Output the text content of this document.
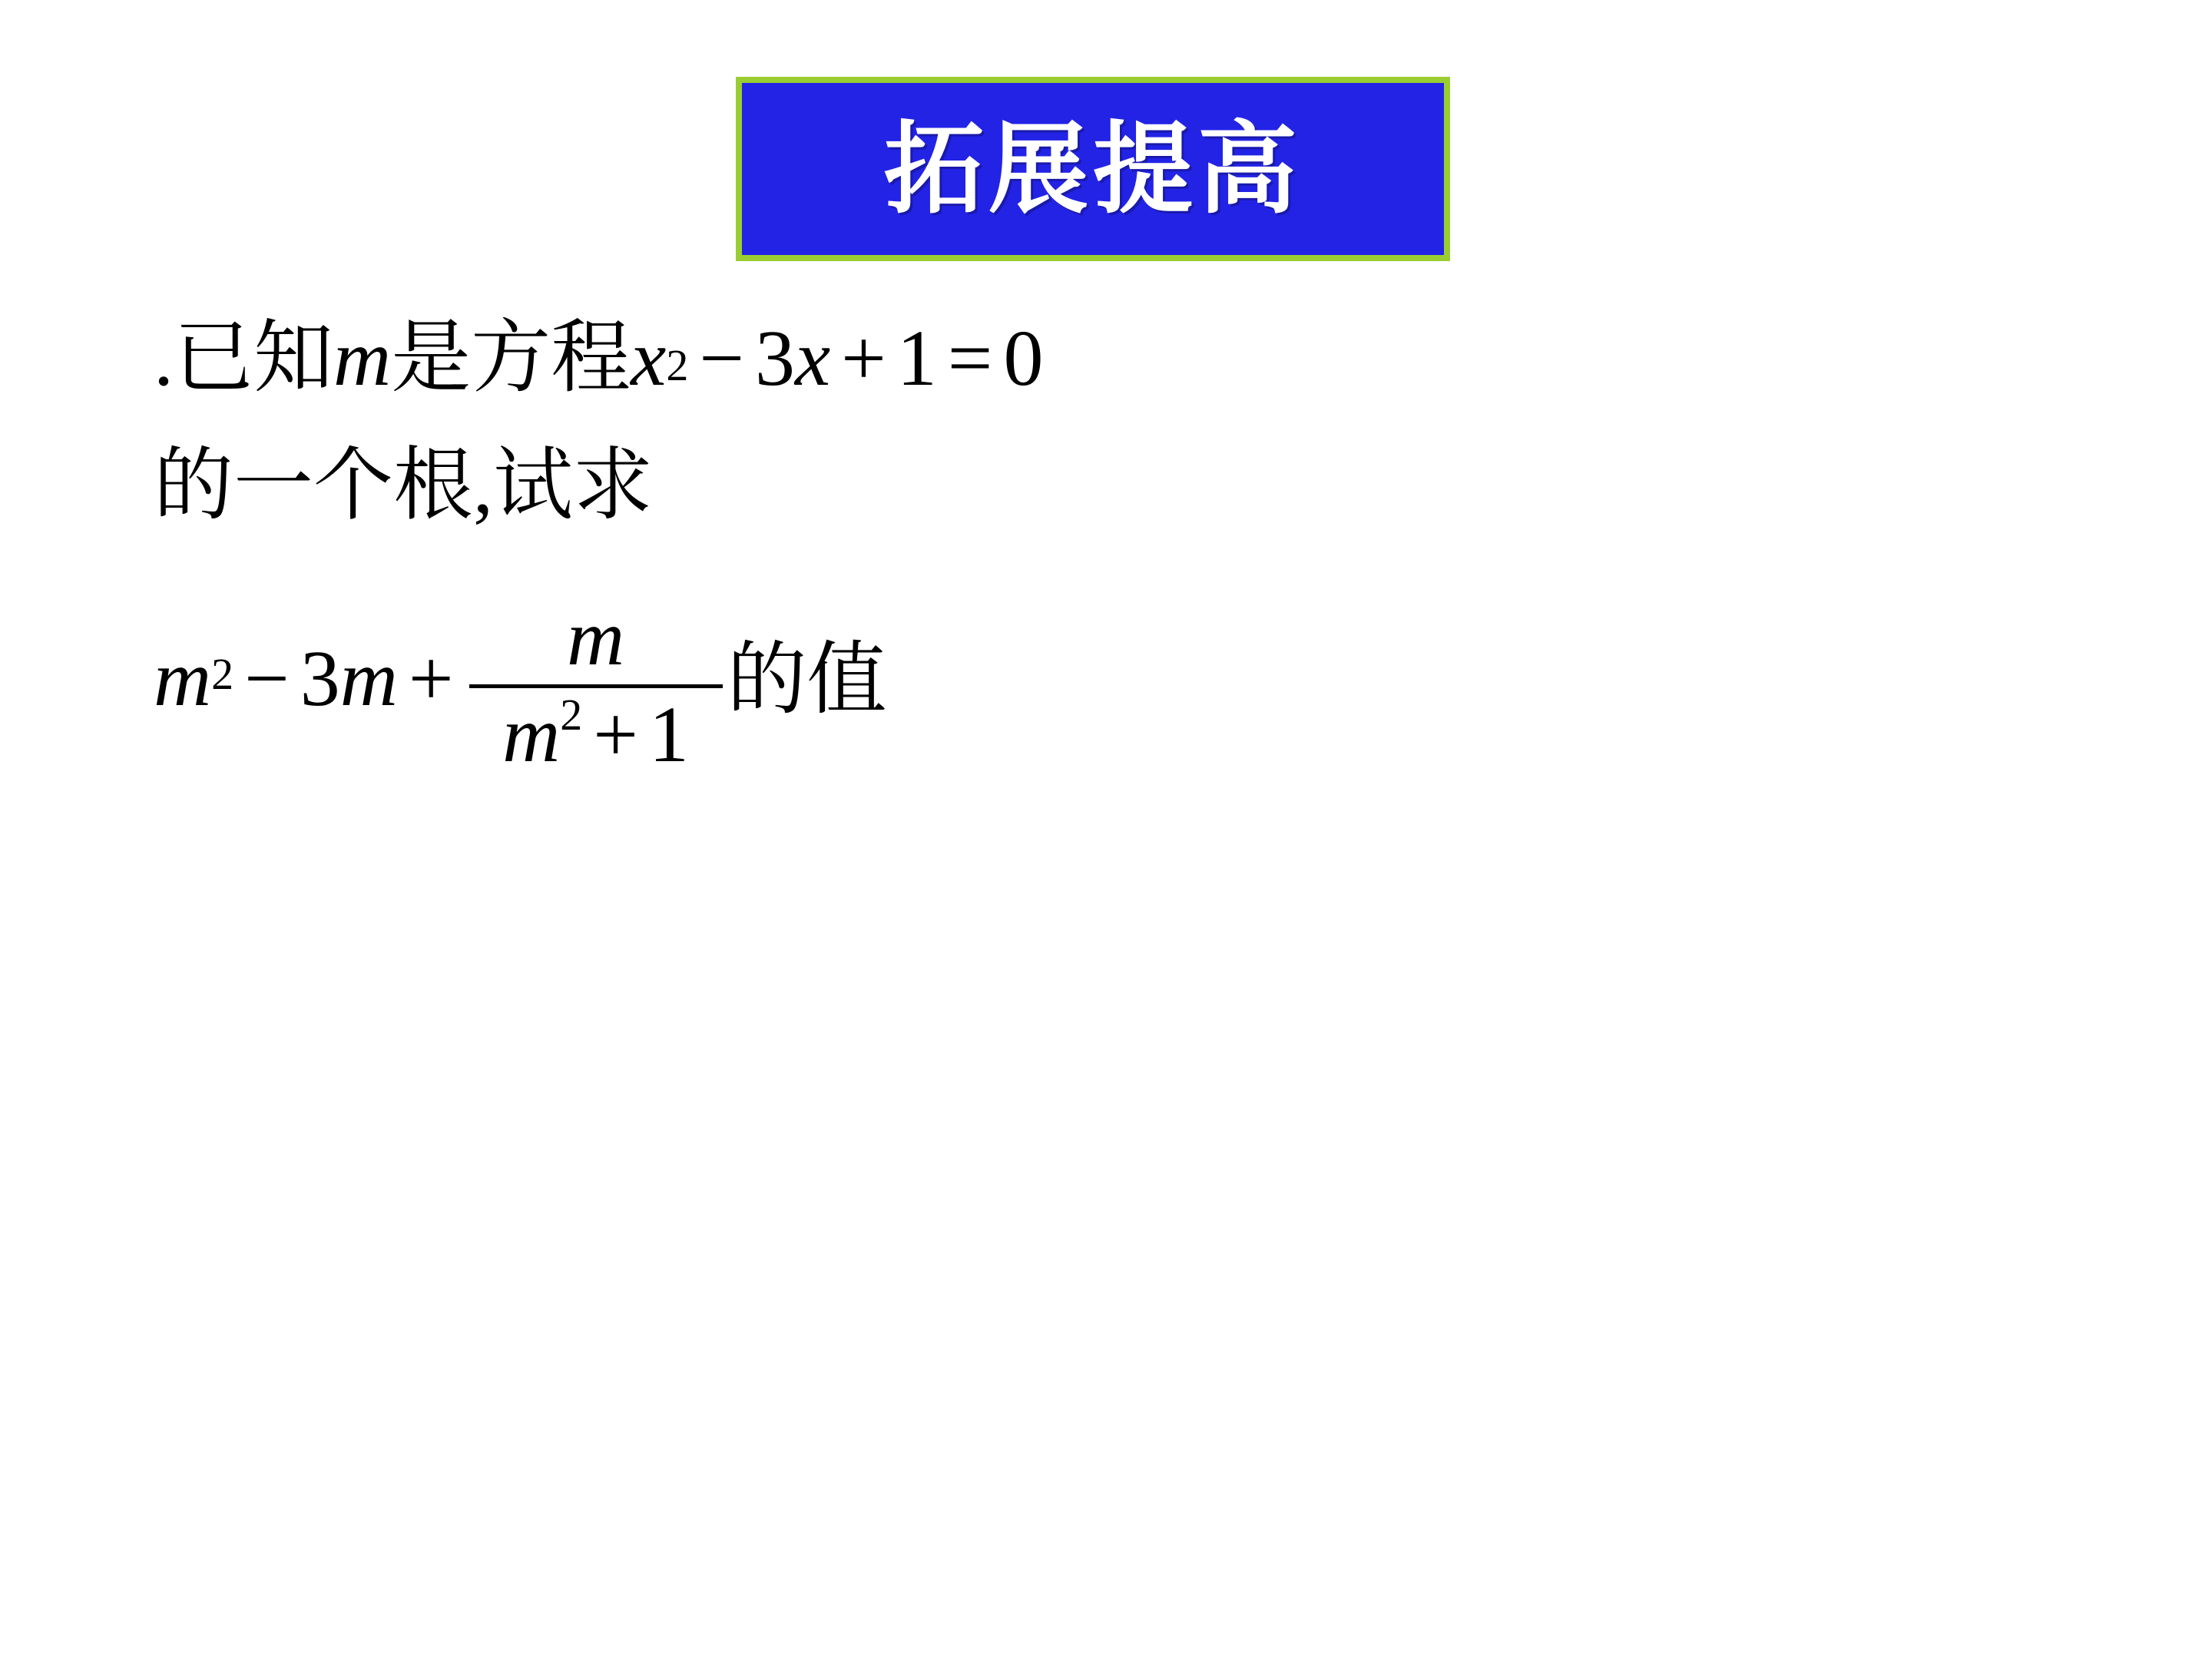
拓展提高
. 已知 m 是方程 $x^2 - 3$ x + 1 = 0
的一个根 , 试求
$m^2 - 3$ m + m
$m^2 + 1$
的值
